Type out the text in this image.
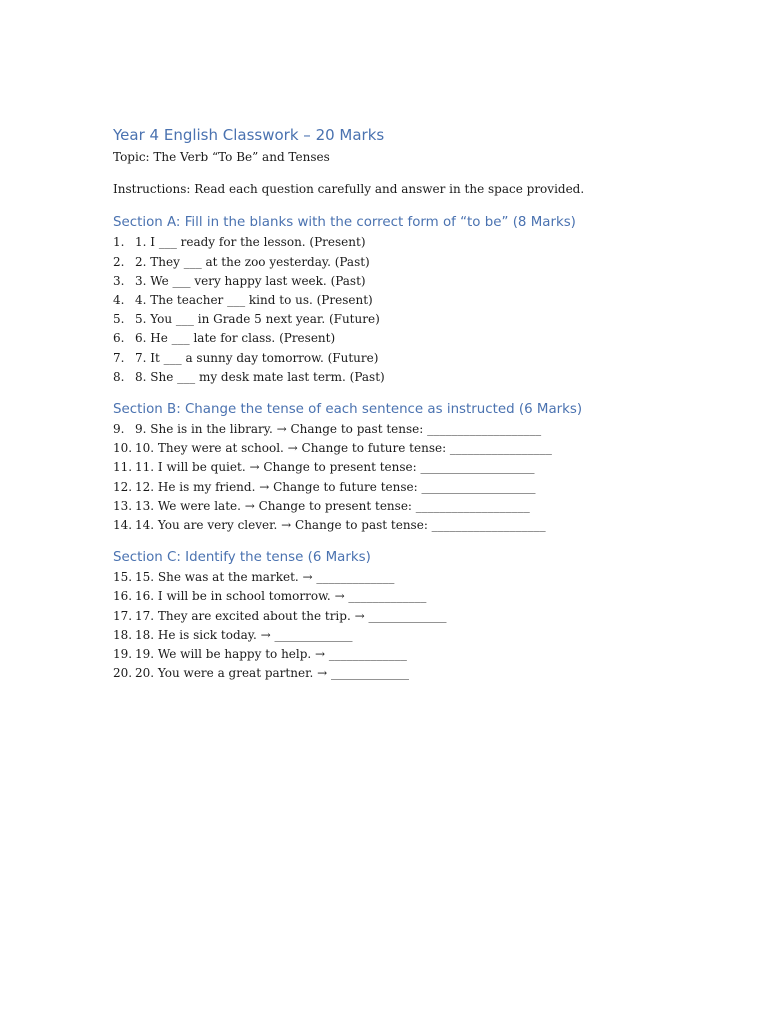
Year 4 English Classwork – 20 Marks
Topic: The Verb “To Be” and Tenses
Instructions: Read each question carefully and answer in the space provided.
Section A: Fill in the blanks with the correct form of “to be” (8 Marks)
1. 1. I ___ ready for the lesson. (Present)
2. 2. They ___ at the zoo yesterday. (Past)
3. 3. We ___ very happy last week. (Past)
4. 4. The teacher ___ kind to us. (Present)
5. 5. You ___ in Grade 5 next year. (Future)
6. 6. He ___ late for class. (Present)
7. 7. It ___ a sunny day tomorrow. (Future)
8. 8. She ___ my desk mate last term. (Past)
Section B: Change the tense of each sentence as instructed (6 Marks)
9. 9. She is in the library. → Change to past tense: ___________________
10. 10. They were at school. → Change to future tense: _________________
11. 11. I will be quiet. → Change to present tense: ___________________
12. 12. He is my friend. → Change to future tense: ___________________
13. 13. We were late. → Change to present tense: ___________________
14. 14. You are very clever. → Change to past tense: ___________________
Section C: Identify the tense (6 Marks)
15. 15. She was at the market. → _____________
16. 16. I will be in school tomorrow. → _____________
17. 17. They are excited about the trip. → _____________
18. 18. He is sick today. → _____________
19. 19. We will be happy to help. → _____________
20. 20. You were a great partner. → _____________
